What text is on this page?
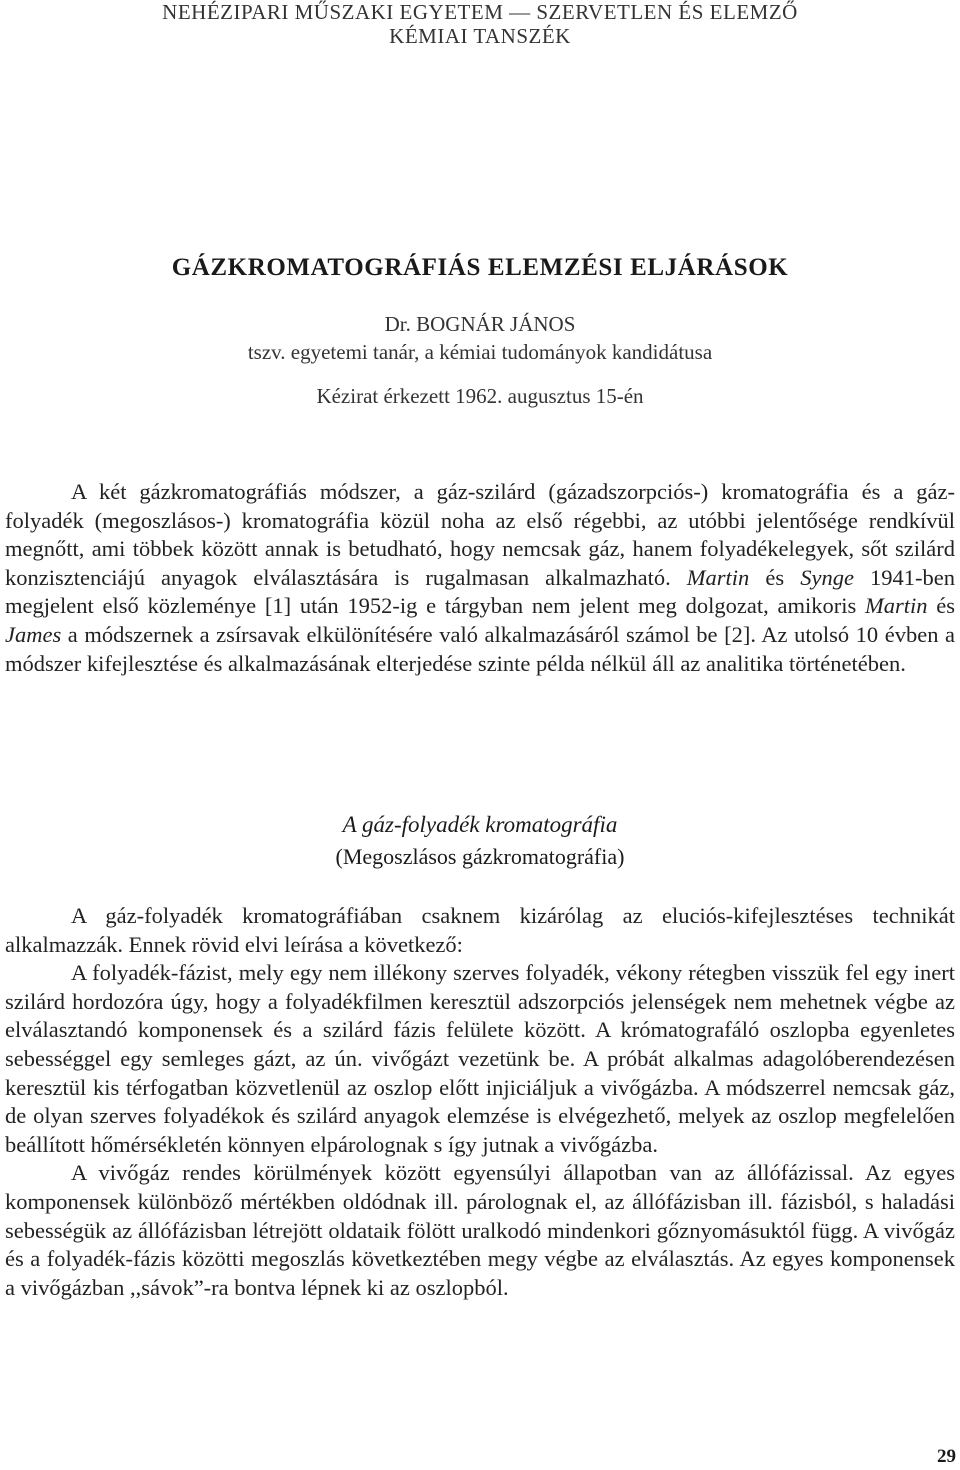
NEHÉZIPARI MŰSZAKI EGYETEM — SZERVETLEN ÉS ELEMZŐ
KÉMIAI TANSZÉK
GÁZKROMATOGRÁFIÁS ELEMZÉSI ELJÁRÁSOK
Dr. BOGNÁR JÁNOS
tszv. egyetemi tanár, a kémiai tudományok kandidátusa
Kézirat érkezett 1962. augusztus 15-én

A két gázkromatográfiás módszer, a gáz-szilárd (gázadszorpciós-) kromatográfia és a gáz-folyadék (megoszlásos-) kromatográfia közül noha az első régebbi, az utóbbi jelentősége rendkívül megnőtt, ami többek között annak is betudható, hogy nemcsak gáz, hanem folyadékelegyek, sőt szilárd konzisztenciájú anyagok elválasztására is rugalmasan alkalmazható. Martin és Synge 1941-ben megjelent első közleménye [1] után 1952-ig e tárgyban nem jelent meg dolgozat, amikoris Martin és James a módszernek a zsírsavak elkülönítésére való alkalmazásáról számol be [2]. Az utolsó 10 évben a módszer kifejlesztése és alkalmazásának elterjedése szinte példa nélkül áll az analitika történetében.

A gáz-folyadék kromatográfia
(Megoszlásos gázkromatográfia)

A gáz-folyadék kromatográfiában csaknem kizárólag az eluciós-kifejlesztéses technikát alkalmazzák. Ennek rövid elvi leírása a következő:

A folyadék-fázist, mely egy nem illékony szerves folyadék, vékony rétegben visszük fel egy inert szilárd hordozóra úgy, hogy a folyadékfilmen keresztül adszorpciós jelenségek nem mehetnek végbe az elválasztandó komponensek és a szilárd fázis felülete között. A krómatografáló oszlopba egyenletes sebességgel egy semleges gázt, az ún. vivőgázt vezetünk be. A próbát alkalmas adagolóberendezésen keresztül kis térfogatban közvetlenül az oszlop előtt injiciáljuk a vivőgázba. A módszerrel nemcsak gáz, de olyan szerves folyadékok és szilárd anyagok elemzése is elvégezhető, melyek az oszlop megfelelően beállított hőmérsékletén könnyen elpárolognak s így jutnak a vivőgázba.

A vivőgáz rendes körülmények között egyensúlyi állapotban van az állófázissal. Az egyes komponensek különböző mértékben oldódnak ill. párolognak el, az állófázisban ill. fázisból, s haladási sebességük az állófázisban létrejött oldataik fölött uralkodó mindenkori gőznyomásuktól függ. A vivőgáz és a folyadék-fázis közötti megoszlás következtében megy végbe az elválasztás. Az egyes komponensek a vivőgázban ,,sávok”-ra bontva lépnek ki az oszlopból.

29
